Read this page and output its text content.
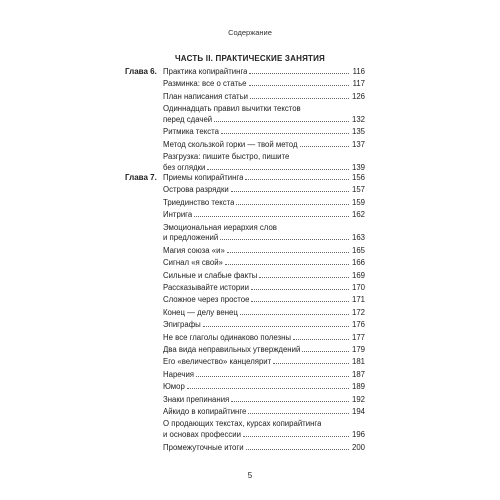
Содержание
ЧАСТЬ II. ПРАКТИЧЕСКИЕ ЗАНЯТИЯ
Глава 6. Практика копирайтинга	116
Разминка: все о статье	117
План написания статьи	126
Одиннадцать правил вычитки текстов
перед сдачей	132
Ритмика текста	135
Метод скользкой горки — твой метод	137
Разгрузка: пишите быстро, пишите
без оглядки	139
Глава 7. Приемы копирайтинга	156
Острова разрядки	157
Триединство текста	159
Интрига	162
Эмоциональная иерархия слов
и предложений	163
Магия союза «и»	165
Сигнал «я свой»	166
Сильные и слабые факты	169
Рассказывайте истории	170
Сложное через простое	171
Конец — делу венец	172
Эпиграфы	176
Не все глаголы одинаково полезны	177
Два вида неправильных утверждений	179
Его «величество» канцелярит	181
Наречия	187
Юмор	189
Знаки препинания	192
Айкидо в копирайтинге	194
О продающих текстах, курсах копирайтинга
и основах профессии	196
Промежуточные итоги	200
5
